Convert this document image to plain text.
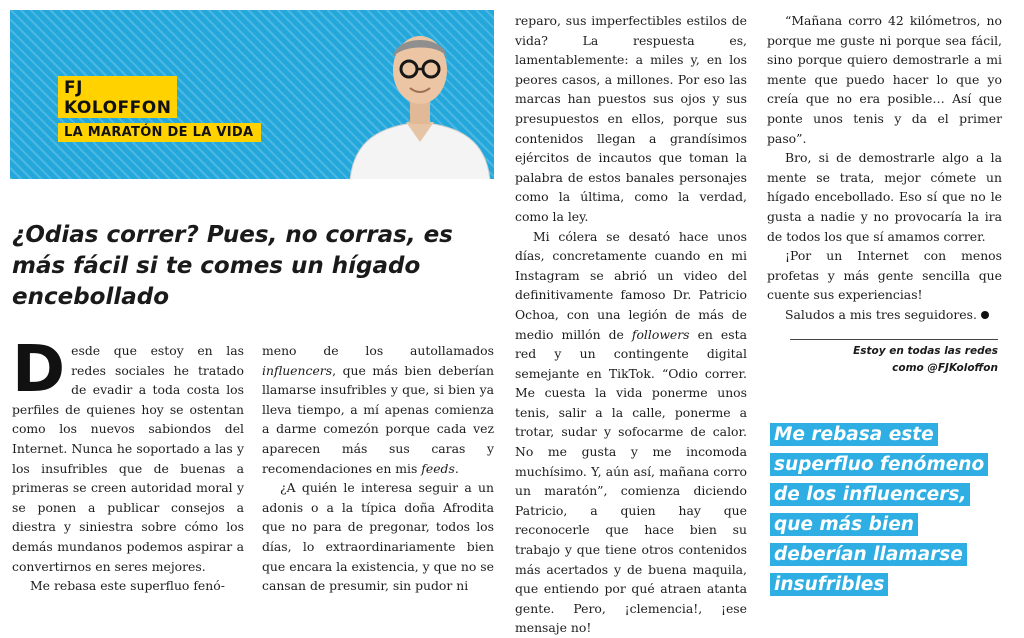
FJ
KOLOFFON
LA MARATÓN DE LA VIDA
¿Odias correr? Pues, no corras, es más fácil si te comes un hígado encebollado

Desde que estoy en las redes sociales he tratado de evadir a toda costa los perfiles de quienes hoy se ostentan como los nuevos sabiondos del Internet. Nunca he soportado a las y los insufribles que de buenas a primeras se creen autoridad moral y se ponen a publicar consejos a diestra y siniestra sobre cómo los demás mundanos podemos aspirar a convertirnos en seres mejores.

Me rebasa este superfluo fenó-

meno de los autollamados influencers, que más bien deberían llamarse insufribles y que, si bien ya lleva tiempo, a mí apenas comienza a darme comezón porque cada vez aparecen más sus caras y recomendaciones en mis feeds.

¿A quién le interesa seguir a un adonis o a la típica doña Afrodita que no para de pregonar, todos los días, lo extraordinariamente bien que encara la existencia, y que no se cansan de presumir, sin pudor ni

reparo, sus imperfectibles estilos de vida? La respuesta es, lamentablemente: a miles y, en los peores casos, a millones. Por eso las marcas han puestos sus ojos y sus presupuestos en ellos, porque sus contenidos llegan a grandísimos ejércitos de incautos que toman la palabra de estos banales personajes como la última, como la verdad, como la ley.

Mi cólera se desató hace unos días, concretamente cuando en mi Instagram se abrió un video del definitivamente famoso Dr. Patricio Ochoa, con una legión de más de medio millón de followers en esta red y un contingente digital semejante en TikTok. “Odio correr. Me cuesta la vida ponerme unos tenis, salir a la calle, ponerme a trotar, sudar y sofocarme de calor. No me gusta y me incomoda muchísimo. Y, aún así, mañana corro un maratón”, comienza diciendo Patricio, a quien hay que reconocerle que hace bien su trabajo y que tiene otros contenidos más acertados y de buena maquila, que entiendo por qué atraen atanta gente. Pero, ¡clemencia!, ¡ese mensaje no!

“Mañana corro 42 kilómetros, no porque me guste ni porque sea fácil, sino porque quiero demostrarle a mi mente que puedo hacer lo que yo creía que no era posible… Así que ponte unos tenis y da el primer paso”.

Bro, si de demostrarle algo a la mente se trata, mejor cómete un hígado encebollado. Eso sí que no le gusta a nadie y no provocaría la ira de todos los que sí amamos correr.

¡Por un Internet con menos profetas y más gente sencilla que cuente sus experiencias!

Saludos a mis tres seguidores.

Estoy en todas las redes
como @FJKoloffon
Me rebasa este superfluo fenómeno de los influencers, que más bien deberían llamarse insufribles
